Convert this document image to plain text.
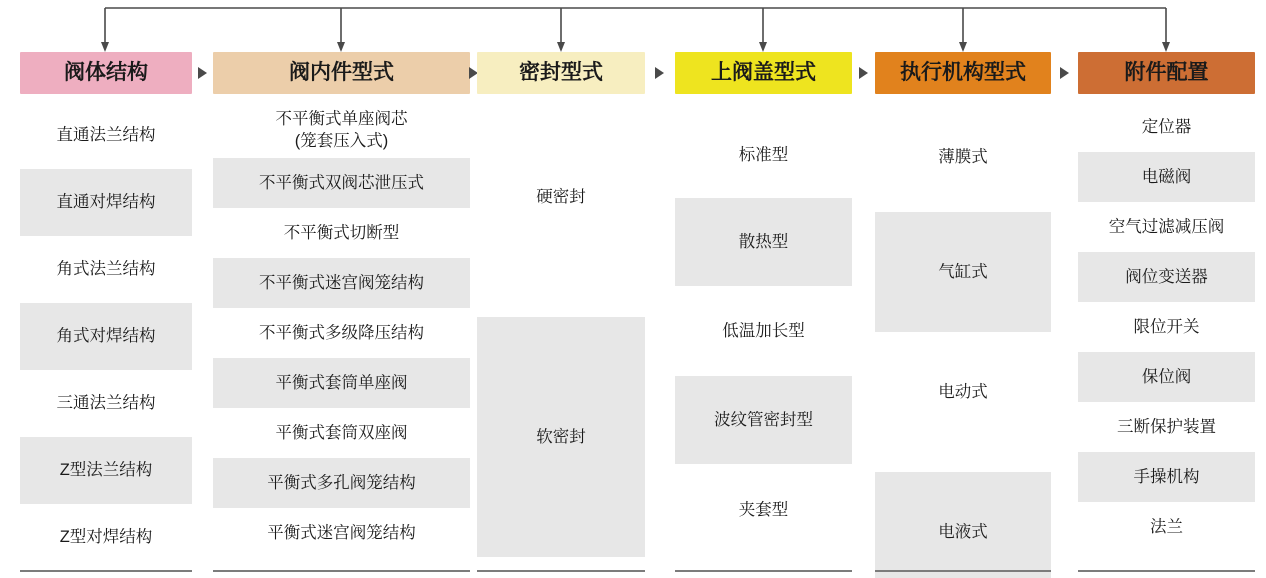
阀体结构
直通法兰结构
直通对焊结构
角式法兰结构
角式对焊结构
三通法兰结构
Z型法兰结构
Z型对焊结构
阀内件型式
不平衡式单座阀芯
(笼套压入式)
不平衡式双阀芯泄压式
不平衡式切断型
不平衡式迷宫阀笼结构
不平衡式多级降压结构
平衡式套筒单座阀
平衡式套筒双座阀
平衡式多孔阀笼结构
平衡式迷宫阀笼结构
密封型式
硬密封
软密封
上阀盖型式
标准型
散热型
低温加长型
波纹管密封型
夹套型
执行机构型式
薄膜式
气缸式
电动式
电液式
附件配置
定位器
电磁阀
空气过滤减压阀
阀位变送器
限位开关
保位阀
三断保护装置
手操机构
法兰
